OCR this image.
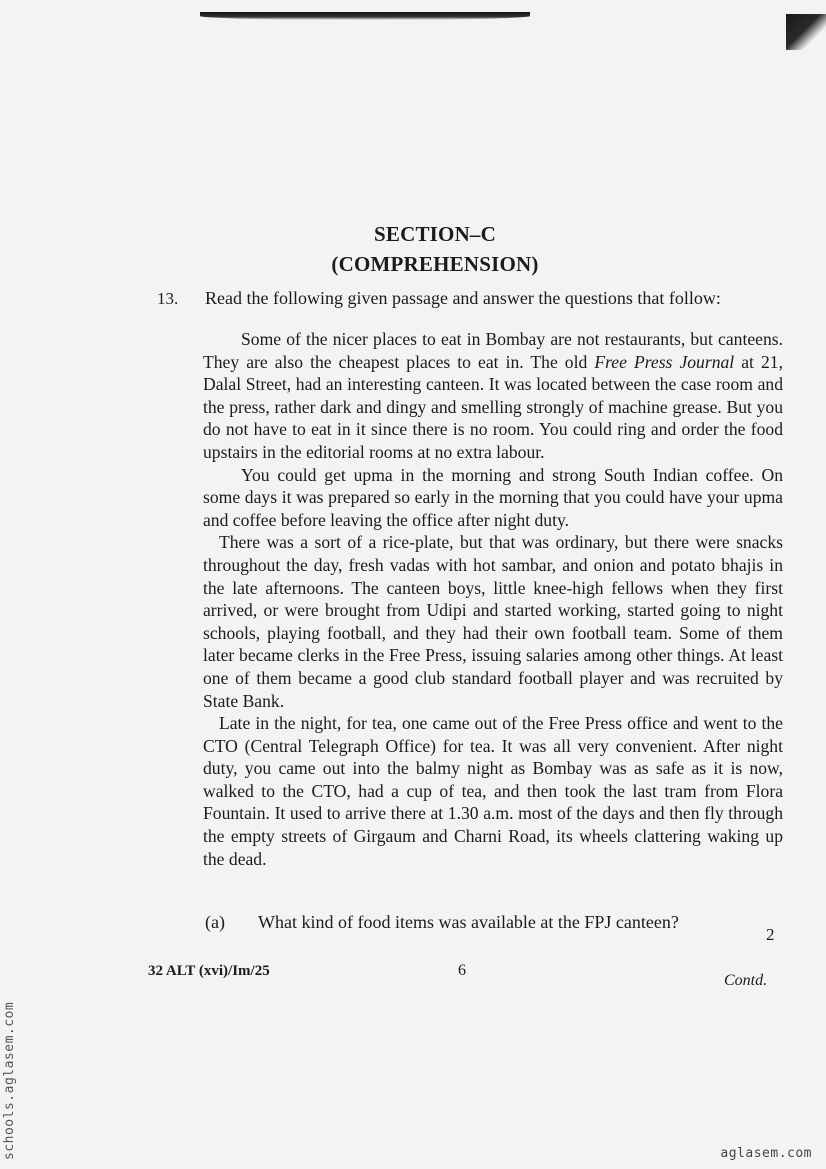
SECTION–C
(COMPREHENSION)
13. Read the following given passage and answer the questions that follow:

Some of the nicer places to eat in Bombay are not restaurants, but canteens. They are also the cheapest places to eat in. The old Free Press Journal at 21, Dalal Street, had an interesting canteen. It was located between the case room and the press, rather dark and dingy and smelling strongly of machine grease. But you do not have to eat in it since there is no room. You could ring and order the food upstairs in the editorial rooms at no extra labour.

You could get upma in the morning and strong South Indian coffee. On some days it was prepared so early in the morning that you could have your upma and coffee before leaving the office after night duty.

There was a sort of a rice-plate, but that was ordinary, but there were snacks throughout the day, fresh vadas with hot sambar, and onion and potato bhajis in the late afternoons. The canteen boys, little knee-high fellows when they first arrived, or were brought from Udipi and started working, started going to night schools, playing football, and they had their own football team. Some of them later became clerks in the Free Press, issuing salaries among other things. At least one of them became a good club standard football player and was recruited by State Bank.

Late in the night, for tea, one came out of the Free Press office and went to the CTO (Central Telegraph Office) for tea. It was all very convenient. After night duty, you came out into the balmy night as Bombay was as safe as it is now, walked to the CTO, had a cup of tea, and then took the last tram from Flora Fountain. It used to arrive there at 1.30 a.m. most of the days and then fly through the empty streets of Girgaum and Charni Road, its wheels clattering waking up the dead.

(a) What kind of food items was available at the FPJ canteen?
2
32 ALT (xvi)/Im/25	6
Contd.
schools.aglasem.com	aglasem.com
